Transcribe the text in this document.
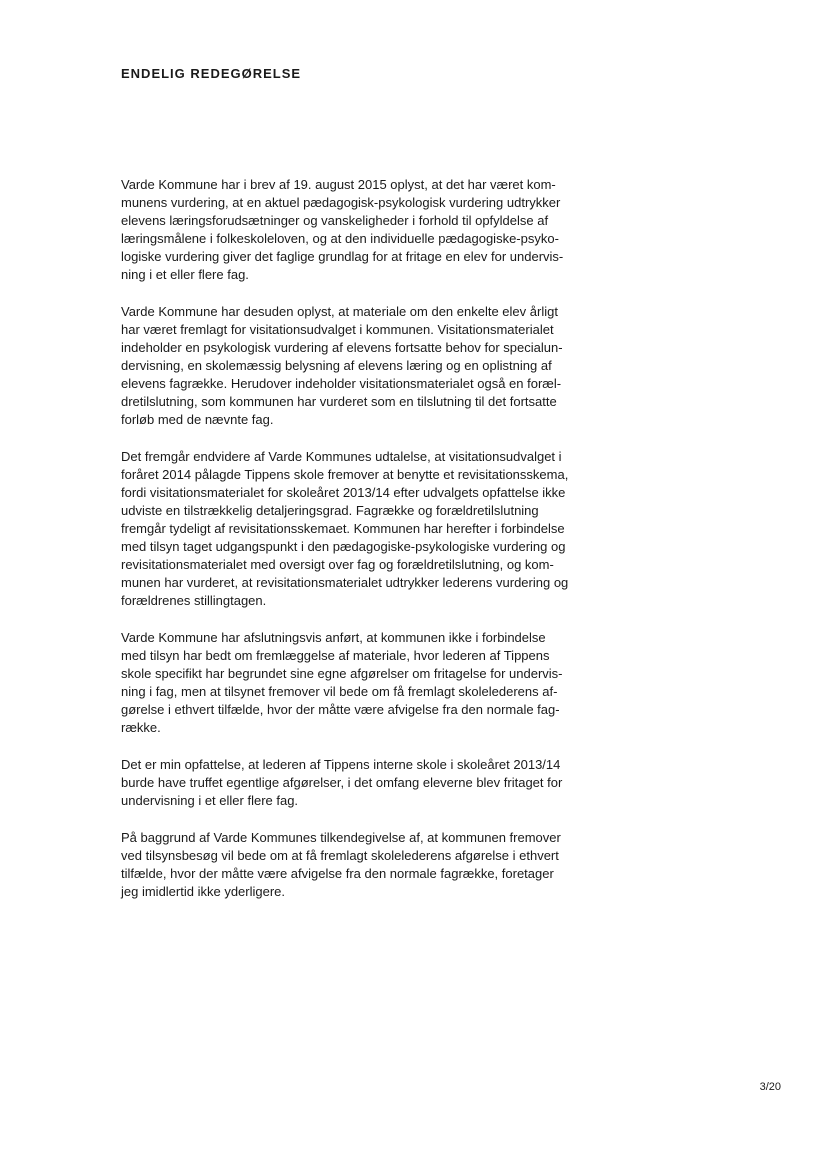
ENDELIG REDEGØRELSE

Varde Kommune har i brev af 19. august 2015 oplyst, at det har været kom-
munens vurdering, at en aktuel pædagogisk-psykologisk vurdering udtrykker
elevens læringsforudsætninger og vanskeligheder i forhold til opfyldelse af
læringsmålene i folkeskoleloven, og at den individuelle pædagogiske-psyko-
logiske vurdering giver det faglige grundlag for at fritage en elev for undervis-
ning i et eller flere fag.

Varde Kommune har desuden oplyst, at materiale om den enkelte elev årligt
har været fremlagt for visitationsudvalget i kommunen. Visitationsmaterialet
indeholder en psykologisk vurdering af elevens fortsatte behov for specialun-
dervisning, en skolemæssig belysning af elevens læring og en oplistning af
elevens fagrække. Herudover indeholder visitationsmaterialet også en foræl-
dretilslutning, som kommunen har vurderet som en tilslutning til det fortsatte
forløb med de nævnte fag.

Det fremgår endvidere af Varde Kommunes udtalelse, at visitationsudvalget i
foråret 2014 pålagde Tippens skole fremover at benytte et revisitationsskema,
fordi visitationsmaterialet for skoleåret 2013/14 efter udvalgets opfattelse ikke
udviste en tilstrækkelig detaljeringsgrad. Fagrække og forældretilslutning
fremgår tydeligt af revisitationsskemaet. Kommunen har herefter i forbindelse
med tilsyn taget udgangspunkt i den pædagogiske-psykologiske vurdering og
revisitationsmaterialet med oversigt over fag og forældretilslutning, og kom-
munen har vurderet, at revisitationsmaterialet udtrykker lederens vurdering og
forældrenes stillingtagen.

Varde Kommune har afslutningsvis anført, at kommunen ikke i forbindelse
med tilsyn har bedt om fremlæggelse af materiale, hvor lederen af Tippens
skole specifikt har begrundet sine egne afgørelser om fritagelse for undervis-
ning i fag, men at tilsynet fremover vil bede om få fremlagt skolelederens af-
gørelse i ethvert tilfælde, hvor der måtte være afvigelse fra den normale fag-
række.

Det er min opfattelse, at lederen af Tippens interne skole i skoleåret 2013/14
burde have truffet egentlige afgørelser, i det omfang eleverne blev fritaget for
undervisning i et eller flere fag.

På baggrund af Varde Kommunes tilkendegivelse af, at kommunen fremover
ved tilsynsbesøg vil bede om at få fremlagt skolelederens afgørelse i ethvert
tilfælde, hvor der måtte være afvigelse fra den normale fagrække, foretager
jeg imidlertid ikke yderligere.

3/20
